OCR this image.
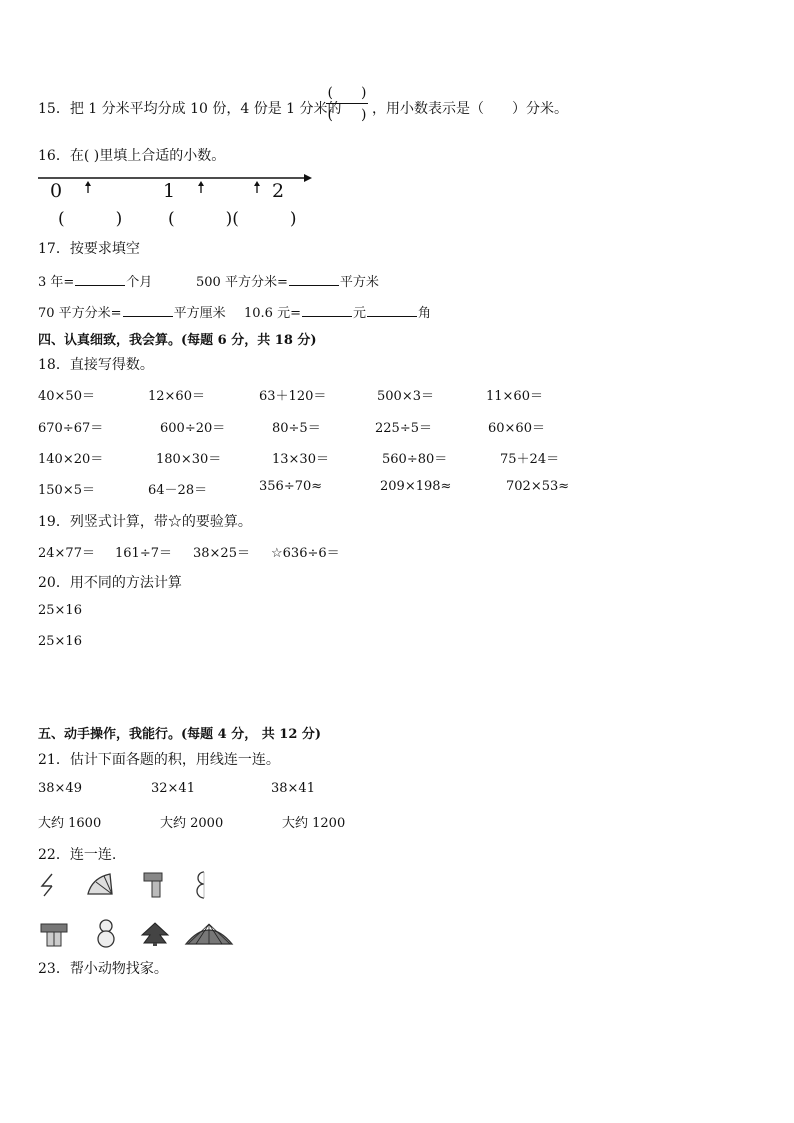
15．把 1 分米平均分成 10 份，4 份是 1 分米的
(　　)
(　　) ，用小数表示是（　　）分米。
16．在( )里填上合适的小数。
0	1	2
(　　　)	(　　　)(　　　)
17．按要求填空
3 年=	个月	500 平方分米=	平方米
70 平方分米=	平方厘米 10.6 元=	元	角
四、认真细致，我会算。(每题 6 分，共 18 分)
18．直接写得数。
40×50＝	12×60＝	63＋120＝	500×3＝	11×60＝
670÷67＝	600÷20＝	80÷5＝	225÷5＝	60×60＝
140×20＝	180×30＝	13×30＝	560÷80＝	75＋24＝
150×5＝	64－28＝	356÷70≈	209×198≈	702×53≈
19．列竖式计算，带☆的要验算。
24×77＝ 161÷7＝ 38×25＝ ☆636÷6＝
20．用不同的方法计算
25×16
25×16
五、动手操作，我能行。(每题 4 分， 共 12 分)
21．估计下面各题的积，用线连一连。
38×49	32×41	38×41
大约 1600	大约 2000	大约 1200
22．连一连.
23．帮小动物找家。
